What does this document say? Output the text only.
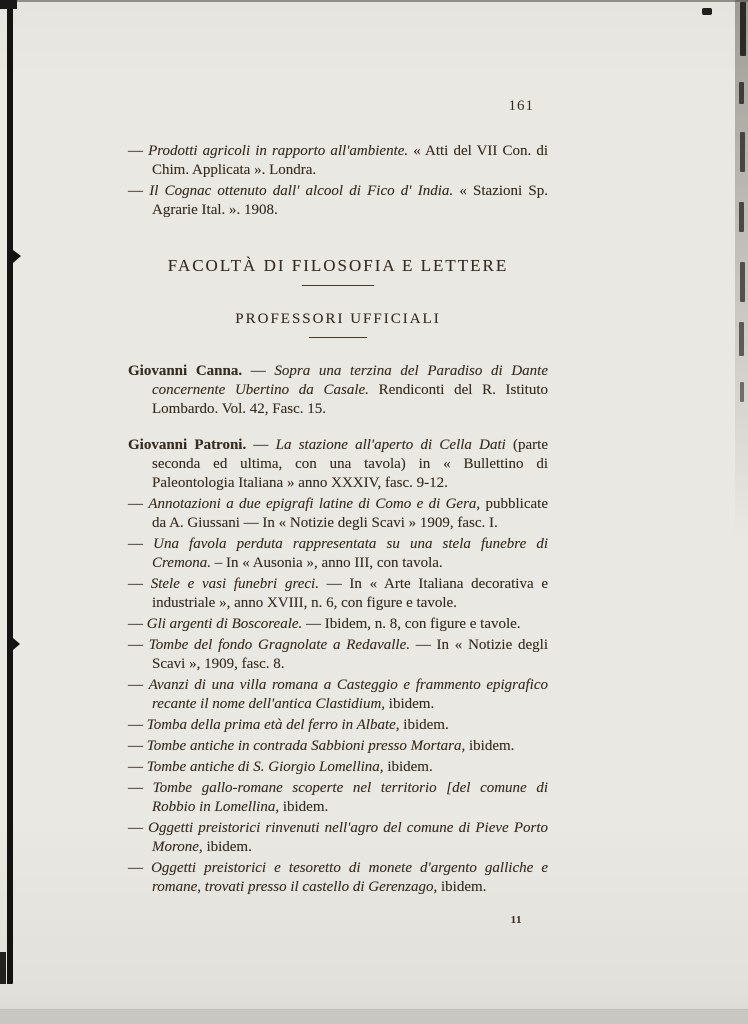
161

— Prodotti agricoli in rapporto all'ambiente. « Atti del VII Con. di Chim. Applicata ». Londra.

— Il Cognac ottenuto dall' alcool di Fico d' India. « Stazioni Sp. Agrarie Ital. ». 1908.

FACOLTÀ DI FILOSOFIA E LETTERE
PROFESSORI UFFICIALI

Giovanni Canna. — Sopra una terzina del Paradiso di Dante concernente Ubertino da Casale. Rendiconti del R. Istituto Lombardo. Vol. 42, Fasc. 15.

Giovanni Patroni. — La stazione all'aperto di Cella Dati (parte seconda ed ultima, con una tavola) in « Bullettino di Paleontologia Italiana » anno XXXIV, fasc. 9-12.

— Annotazioni a due epigrafi latine di Como e di Gera, pubblicate da A. Giussani — In « Notizie degli Scavi » 1909, fasc. I.

— Una favola perduta rappresentata su una stela funebre di Cremona. – In « Ausonia », anno III, con tavola.

— Stele e vasi funebri greci. — In « Arte Italiana decorativa e industriale », anno XVIII, n. 6, con figure e tavole.

— Gli argenti di Boscoreale. — Ibidem, n. 8, con figure e tavole.

— Tombe del fondo Gragnolate a Redavalle. — In « Notizie degli Scavi », 1909, fasc. 8.

— Avanzi di una villa romana a Casteggio e frammento epigrafico recante il nome dell'antica Clastidium, ibidem.

— Tomba della prima età del ferro in Albate, ibidem.

— Tombe antiche in contrada Sabbioni presso Mortara, ibidem.

— Tombe antiche di S. Giorgio Lomellina, ibidem.

— Tombe gallo-romane scoperte nel territorio [del comune di Robbio in Lomellina, ibidem.

— Oggetti preistorici rinvenuti nell'agro del comune di Pieve Porto Morone, ibidem.

— Oggetti preistorici e tesoretto di monete d'argento galliche e romane, trovati presso il castello di Gerenzago, ibidem.

11
